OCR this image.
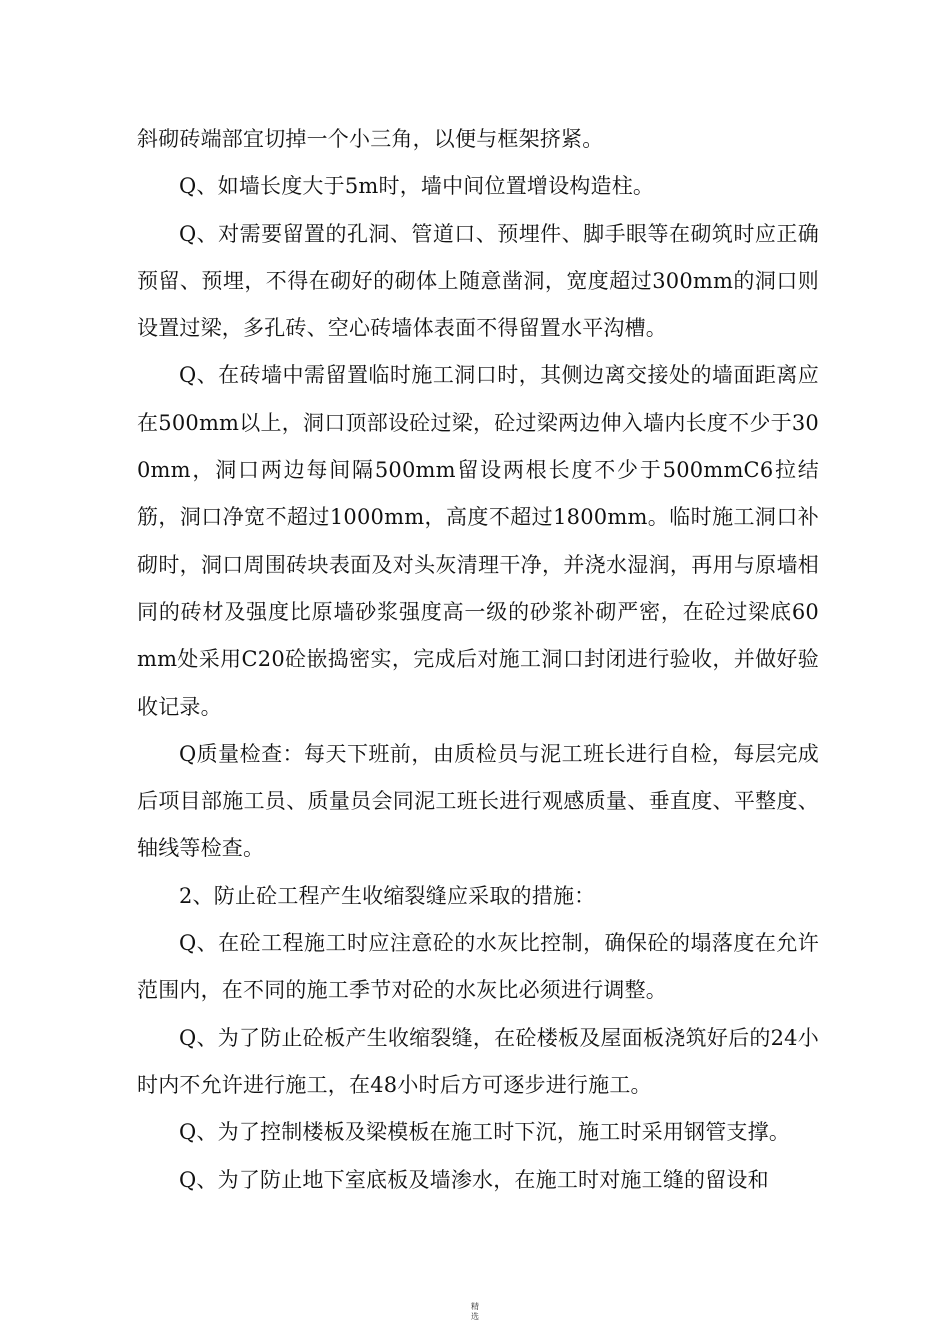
斜砌砖端部宜切掉一个小三角，以便与框架挤紧。

Q、如墙长度大于5m时，墙中间位置增设构造柱。

Q、对需要留置的孔洞、管道口、预埋件、脚手眼等在砌筑时应正确预留、预埋，不得在砌好的砌体上随意凿洞，宽度超过300mm的洞口则设置过梁，多孔砖、空心砖墙体表面不得留置水平沟槽。

Q、在砖墙中需留置临时施工洞口时，其侧边离交接处的墙面距离应在500mm以上，洞口顶部设砼过梁，砼过梁两边伸入墙内长度不少于300mm，洞口两边每间隔500mm留设两根长度不少于500mmC6拉结筋，洞口净宽不超过1000mm，高度不超过1800mm。临时施工洞口补砌时，洞口周围砖块表面及对头灰清理干净，并浇水湿润，再用与原墙相同的砖材及强度比原墙砂浆强度高一级的砂浆补砌严密，在砼过梁底60mm处采用C20砼嵌捣密实，完成后对施工洞口封闭进行验收，并做好验收记录。

Q质量检查：每天下班前，由质检员与泥工班长进行自检，每层完成后项目部施工员、质量员会同泥工班长进行观感质量、垂直度、平整度、轴线等检查。

2、防止砼工程产生收缩裂缝应采取的措施：

Q、在砼工程施工时应注意砼的水灰比控制，确保砼的塌落度在允许范围内，在不同的施工季节对砼的水灰比必须进行调整。

Q、为了防止砼板产生收缩裂缝，在砼楼板及屋面板浇筑好后的24小时内不允许进行施工，在48小时后方可逐步进行施工。

Q、为了控制楼板及梁模板在施工时下沉，施工时采用钢管支撑。

Q、为了防止地下室底板及墙渗水，在施工时对施工缝的留设和

精
选
